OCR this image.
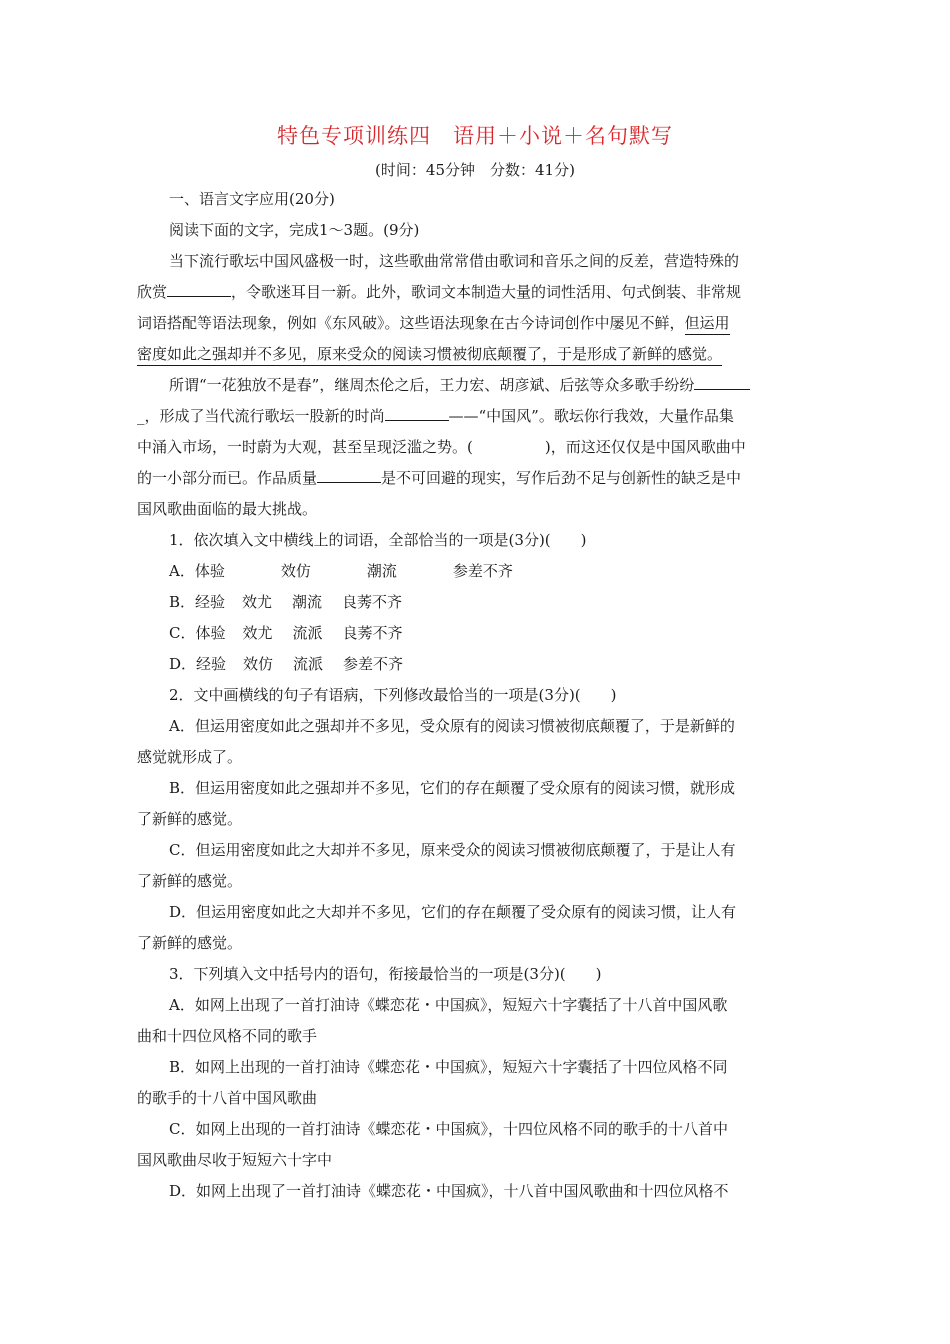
特色专项训练四　语用＋小说＋名句默写
(时间：45分钟　分数：41分)
一、语言文字应用(20分)
阅读下面的文字，完成1～3题。(9分)
当下流行歌坛中国风盛极一时，这些歌曲常常借由歌词和音乐之间的反差，营造特殊的
欣赏	，令歌迷耳目一新。此外，歌词文本制造大量的词性活用、句式倒装、非常规
词语搭配等语法现象，例如《东风破》。这些语法现象在古今诗词创作中屡见不鲜，但运用
密度如此之强却并不多见，原来受众的阅读习惯被彻底颠覆了，于是形成了新鲜的感觉。
所谓“一花独放不是春”，继周杰伦之后，王力宏、胡彦斌、后弦等众多歌手纷纷
_，形成了当代流行歌坛一股新的时尚	——“中国风”。歌坛你行我效，大量作品集
中涌入市场，一时蔚为大观，甚至呈现泛滥之势。(	)，而这还仅仅是中国风歌曲中
的一小部分而已。作品质量	是不可回避的现实，写作后劲不足与创新性的缺乏是中
国风歌曲面临的最大挑战。
1．依次填入文中横线上的词语，全部恰当的一项是(3分)(　　)
A．体验	效仿	潮流	参差不齐
B．经验 效尤 潮流 良莠不齐
C．体验 效尤 流派 良莠不齐
D．经验 效仿 流派 参差不齐
2．文中画横线的句子有语病，下列修改最恰当的一项是(3分)(　　)
A．但运用密度如此之强却并不多见，受众原有的阅读习惯被彻底颠覆了，于是新鲜的
感觉就形成了。
B．但运用密度如此之强却并不多见，它们的存在颠覆了受众原有的阅读习惯，就形成
了新鲜的感觉。
C．但运用密度如此之大却并不多见，原来受众的阅读习惯被彻底颠覆了，于是让人有
了新鲜的感觉。
D．但运用密度如此之大却并不多见，它们的存在颠覆了受众原有的阅读习惯，让人有
了新鲜的感觉。
3．下列填入文中括号内的语句，衔接最恰当的一项是(3分)(　　)
A．如网上出现了一首打油诗《蝶恋花・中国疯》，短短六十字囊括了十八首中国风歌
曲和十四位风格不同的歌手
B．如网上出现的一首打油诗《蝶恋花・中国疯》，短短六十字囊括了十四位风格不同
的歌手的十八首中国风歌曲
C．如网上出现的一首打油诗《蝶恋花・中国疯》，十四位风格不同的歌手的十八首中
国风歌曲尽收于短短六十字中
D．如网上出现了一首打油诗《蝶恋花・中国疯》，十八首中国风歌曲和十四位风格不
